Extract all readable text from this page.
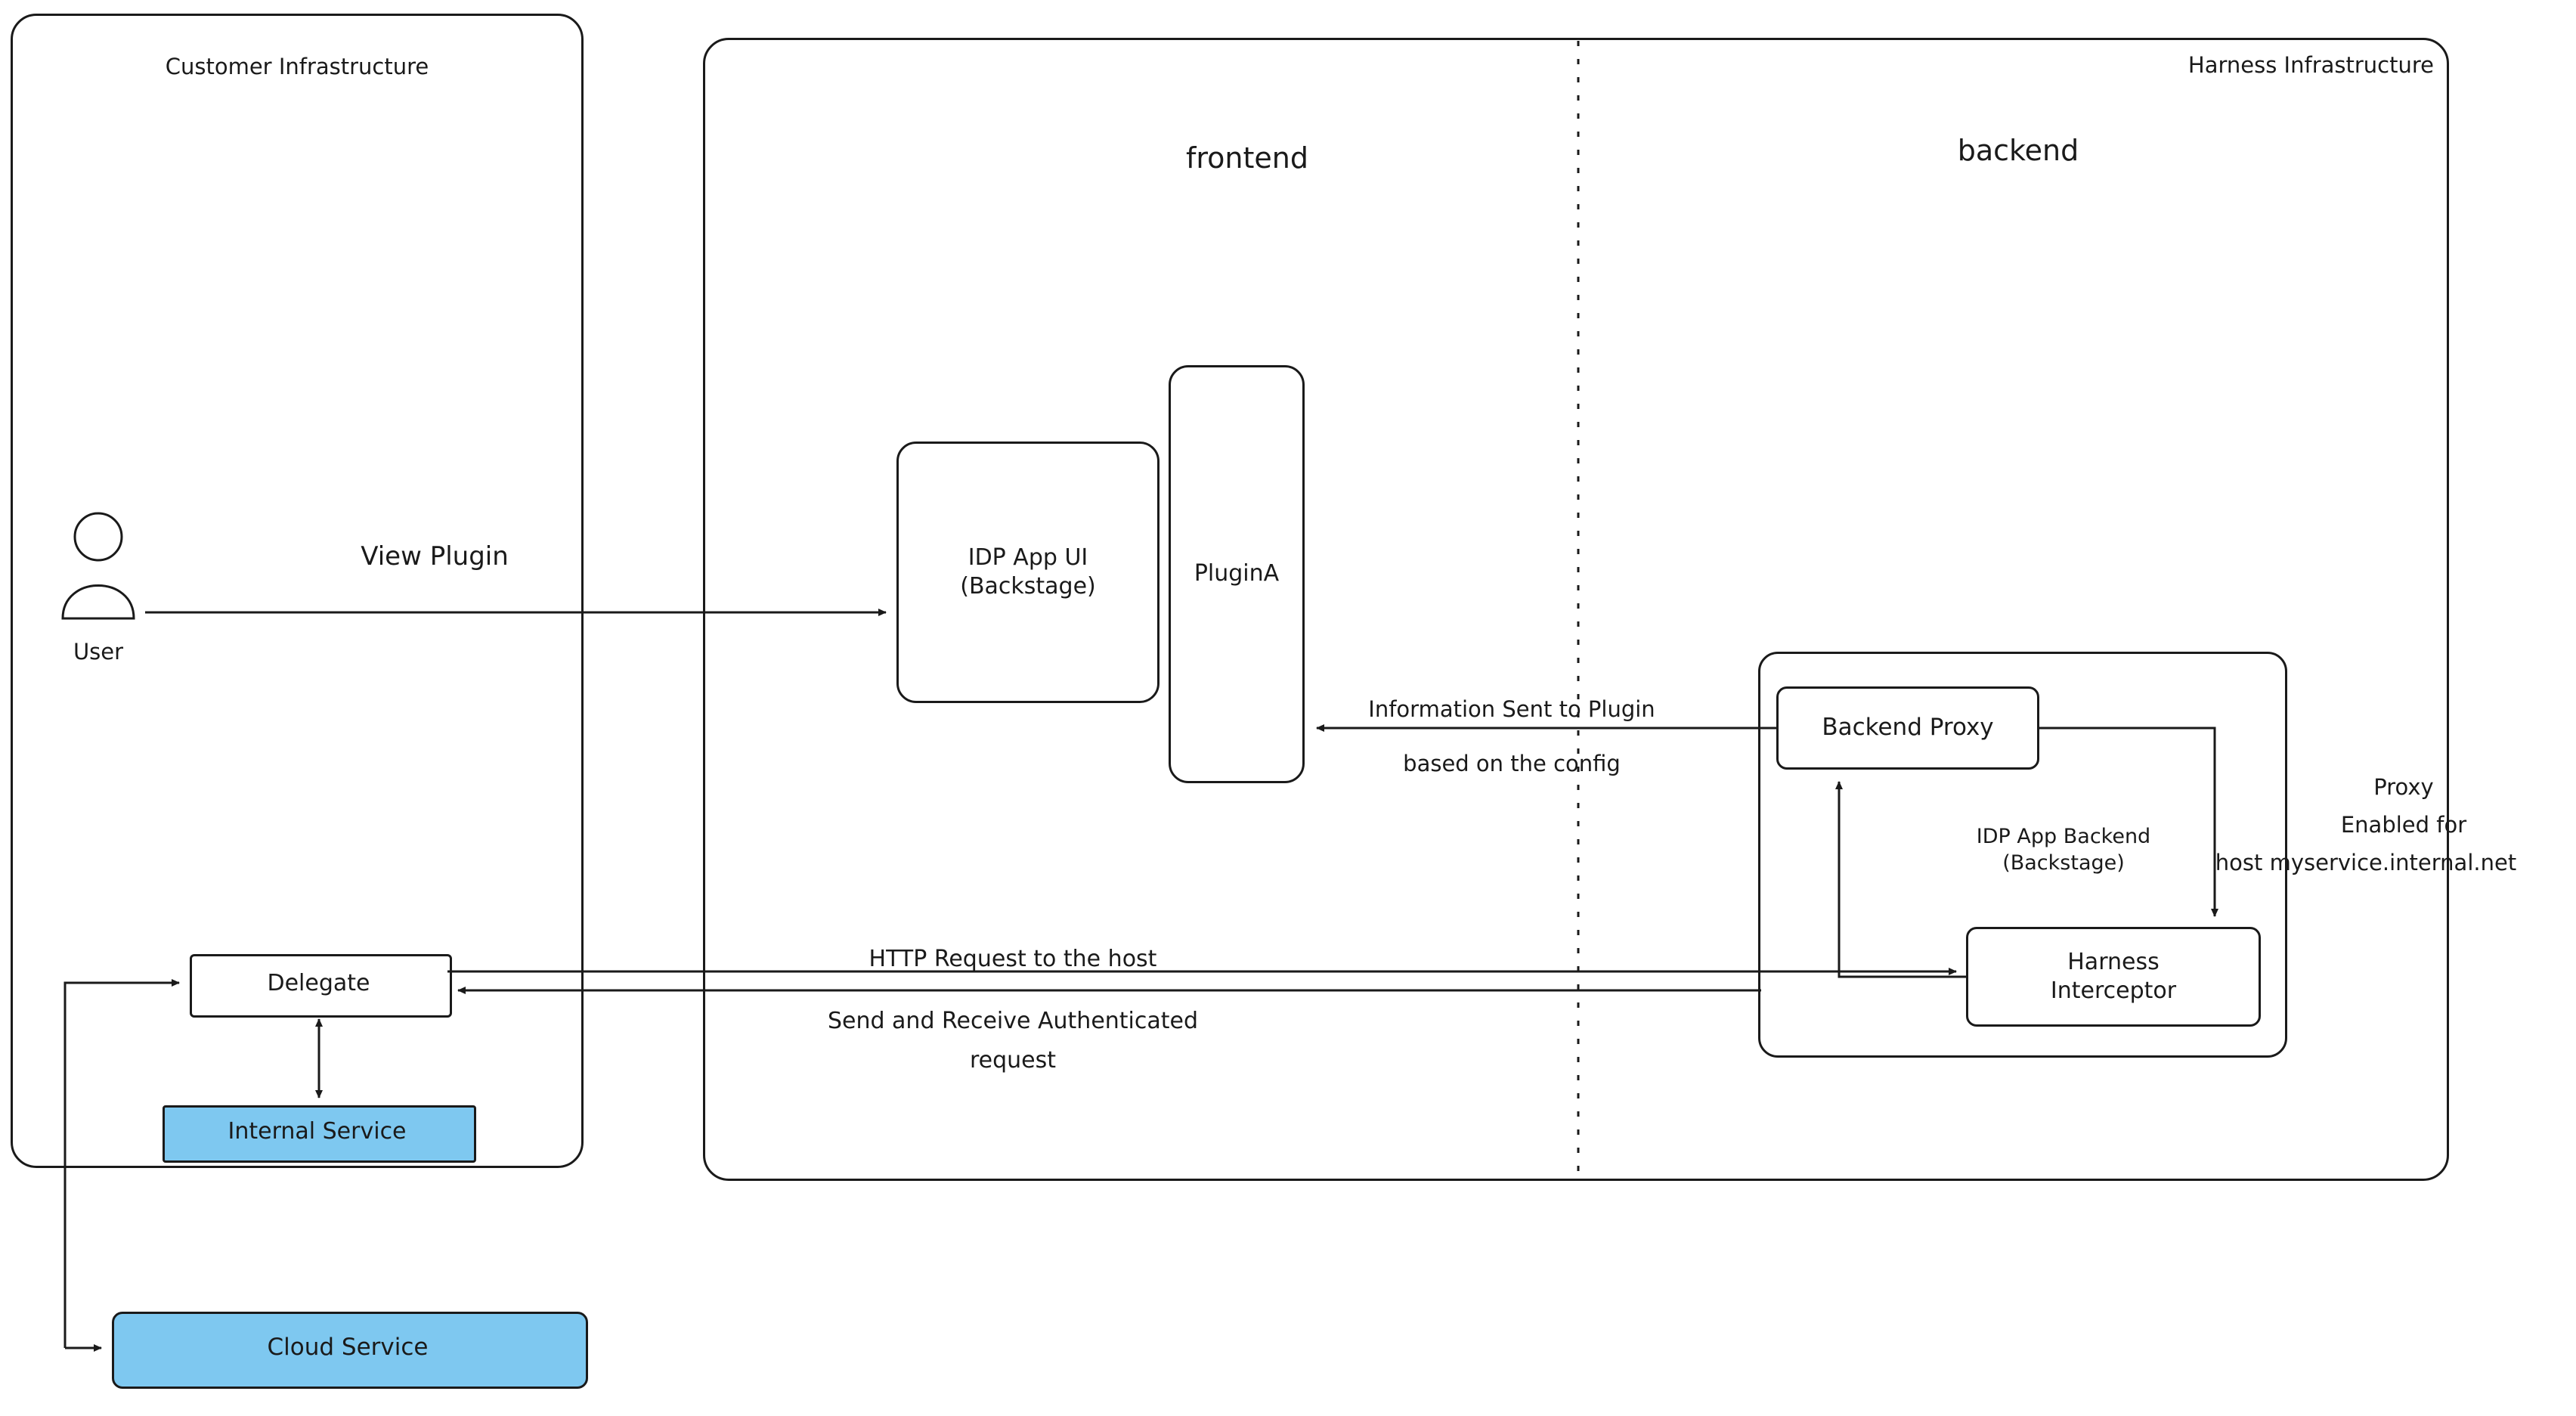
Customer Infrastructure	Harness Infrastructure
frontend	backend
User
IDP App UI
(Backstage)	PluginA
Backend Proxy
Harness
Interceptor
IDP App Backend
(Backstage)
Delegate
Internal Service
Cloud Service
View Plugin
Information Sent to Plugin
based on the config
Proxy
Enabled for
host myservice.internal.net
HTTP Request to the host
Send and Receive Authenticated
request
